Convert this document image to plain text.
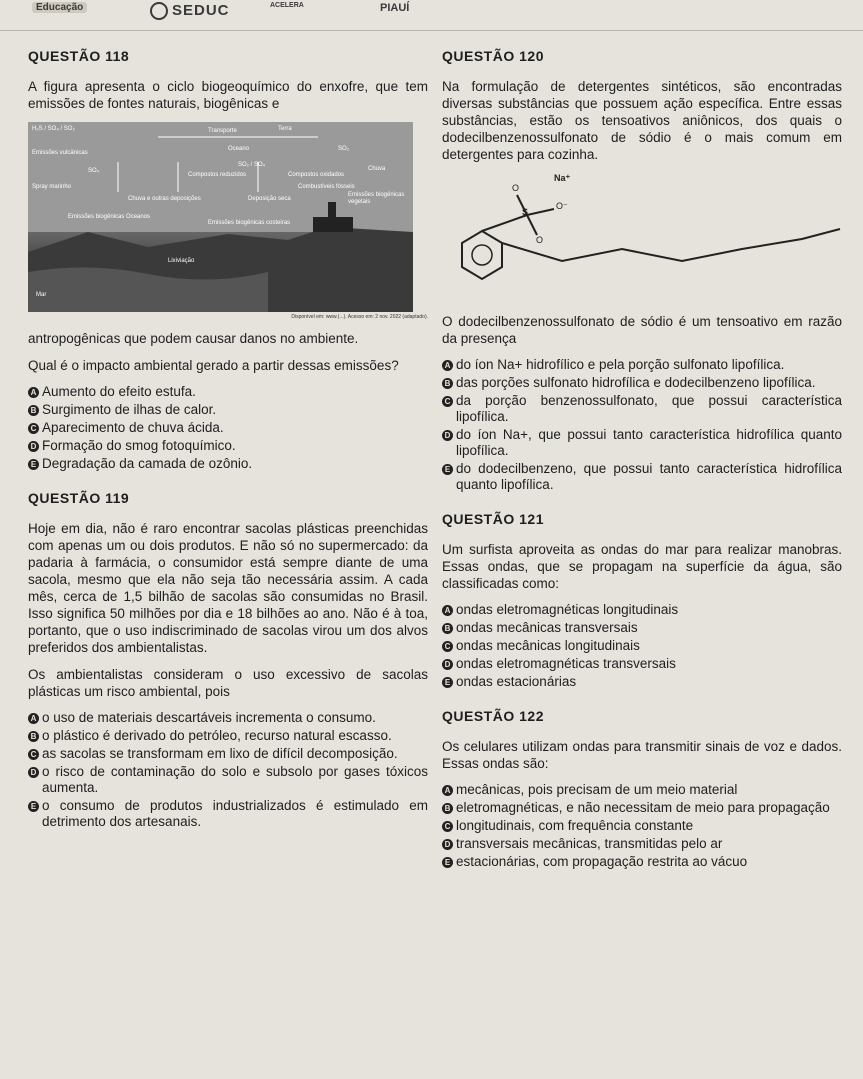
Educação	SEDUC	ACELERA	PIAUÍ
QUESTÃO 118

A figura apresenta o ciclo biogeoquímico do enxofre, que tem emissões de fontes naturais, biogênicas e

H₂S / SO₄ / SO₂
Emissões vulcânicas
SO₄
Spray marinho
Emissões biogênicas Oceanos
Chuva e outras deposições
Compostos reduzidos	Compostos oxidados
Deposição seca
Emissões biogênicas vegetais
Emissões biogênicas costeiras
Combustíveis fósseis
Transporte	Terra
Oceano
Chuva
Lixiviação
Mar
SO₂
SO₂ / SO₄
Disponível em: www.(...). Acesso em: 2 nov. 2022 (adaptado).

antropogênicas que podem causar danos no ambiente.

Qual é o impacto ambiental gerado a partir dessas emissões?

A Aumento do efeito estufa.
B Surgimento de ilhas de calor.
C Aparecimento de chuva ácida.
D Formação do smog fotoquímico.
E Degradação da camada de ozônio.
QUESTÃO 119

Hoje em dia, não é raro encontrar sacolas plásticas preenchidas com apenas um ou dois produtos. E não só no supermercado: da padaria à farmácia, o consumidor está sempre diante de uma sacola, mesmo que ela não seja tão necessária assim. A cada mês, cerca de 1,5 bilhão de sacolas são consumidas no Brasil. Isso significa 50 milhões por dia e 18 bilhões ao ano. Não é à toa, portanto, que o uso indiscriminado de sacolas virou um dos alvos preferidos dos ambientalistas.

Os ambientalistas consideram o uso excessivo de sacolas plásticas um risco ambiental, pois

A o uso de materiais descartáveis incrementa o consumo.
B o plástico é derivado do petróleo, recurso natural escasso.
C as sacolas se transformam em lixo de difícil decomposição.
D o risco de contaminação do solo e subsolo por gases tóxicos aumenta.
E o consumo de produtos industrializados é estimulado em detrimento dos artesanais.
QUESTÃO 120

Na formulação de detergentes sintéticos, são encontradas diversas substâncias que possuem ação específica. Entre essas substâncias, estão os tensoativos aniônicos, dos quais o dodecilbenzenossulfonato de sódio é o mais comum em detergentes para cozinha.

Na⁺
S
O
O⁻
O

O dodecilbenzenossulfonato de sódio é um tensoativo em razão da presença

A do íon Na+ hidrofílico e pela porção sulfonato lipofílica.
B das porções sulfonato hidrofílica e dodecilbenzeno lipofílica.
C da porção benzenossulfonato, que possui característica lipofílica.
D do íon Na+, que possui tanto característica hidrofílica quanto lipofílica.
E do dodecilbenzeno, que possui tanto característica hidrofílica quanto lipofílica.
QUESTÃO 121

Um surfista aproveita as ondas do mar para realizar manobras. Essas ondas, que se propagam na superfície da água, são classificadas como:

A ondas eletromagnéticas longitudinais
B ondas mecânicas transversais
C ondas mecânicas longitudinais
D ondas eletromagnéticas transversais
E ondas estacionárias
QUESTÃO 122

Os celulares utilizam ondas para transmitir sinais de voz e dados. Essas ondas são:

A mecânicas, pois precisam de um meio material
B eletromagnéticas, e não necessitam de meio para propagação
C longitudinais, com frequência constante
D transversais mecânicas, transmitidas pelo ar
E estacionárias, com propagação restrita ao vácuo
